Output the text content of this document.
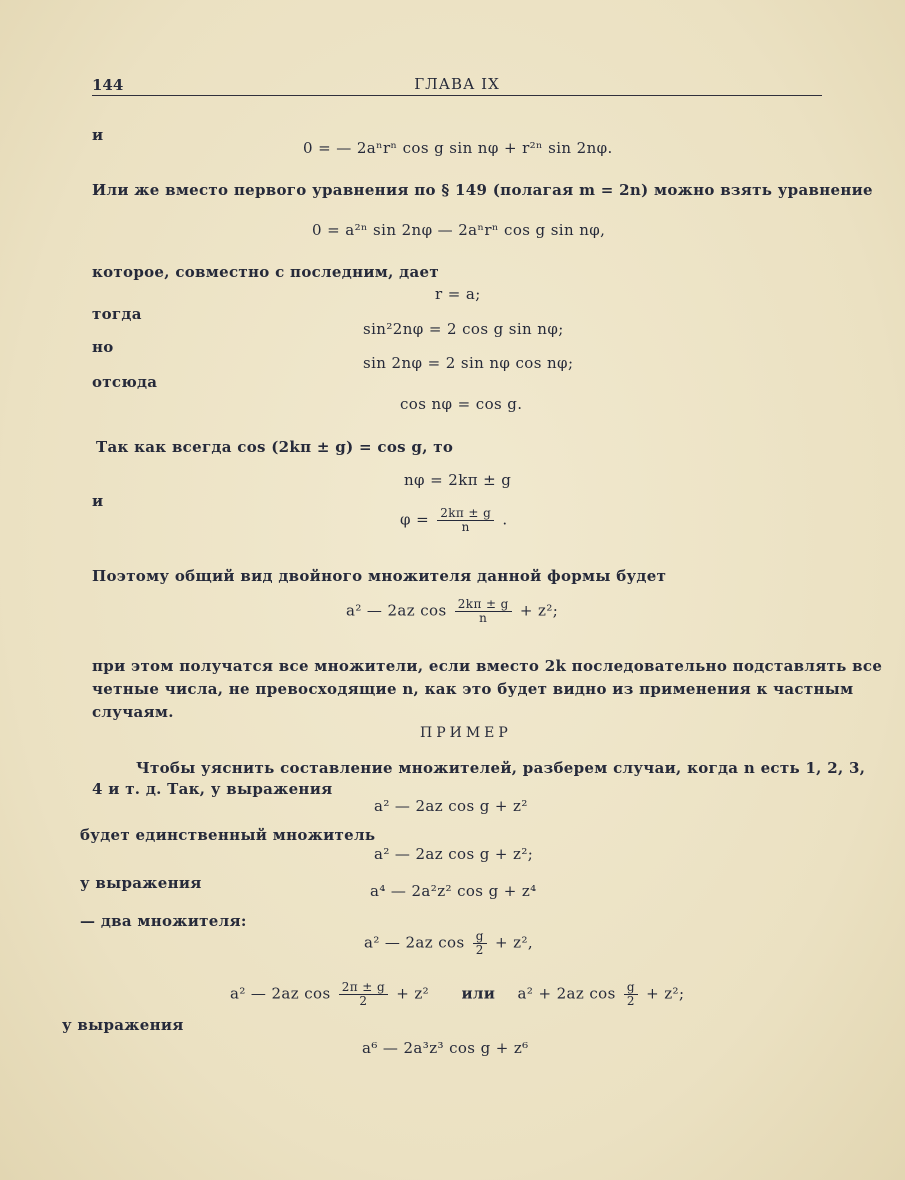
144	ГЛАВА IX
и
0 = — 2aⁿrⁿ cos g sin nφ + r²ⁿ sin 2nφ.
Или же вместо первого уравнения по § 149 (полагая m = 2n) можно взять уравнение
0 = a²ⁿ sin 2nφ — 2aⁿrⁿ cos g sin nφ,
которое, совместно с последним, дает
r = a;
тогда
sin²2nφ = 2 cos g sin nφ;
но
sin 2nφ = 2 sin nφ cos nφ;
отсюда
cos nφ = cos g.
Так как всегда cos (2kπ ± g) = cos g, то
nφ = 2kπ ± g
и
$\varphi = \frac{2k\pi \pm g}{n}$ .
Поэтому общий вид двойного множителя данной формы будет
a² — 2az $\cos \frac{2k\pi \pm g}{n} + z^2$;
при этом получатся все множители, если вместо 2k последовательно подставлять все
четные числа, не превосходящие n, как это будет видно из применения к частным
случаям.
ПРИМЕР
Чтобы уяснить составление множителей, разберем случаи, когда n есть 1, 2, 3,
4 и т. д. Так, у выражения
a² — 2az cos g + z²
будет единственный множитель
a² — 2az cos g + z²;
у выражения	a⁴ — 2a²z² cos g + z⁴
— два множителя:
a² — 2az $\cos \frac{g}{2} + z^2$,
a² — 2az $\cos \frac{2\pi \pm g}{2} + z^2$ или a² + 2az $\cos \frac{g}{2} + z^2$;
у выражения
a⁶ — 2a³z³ cos g + z⁶
